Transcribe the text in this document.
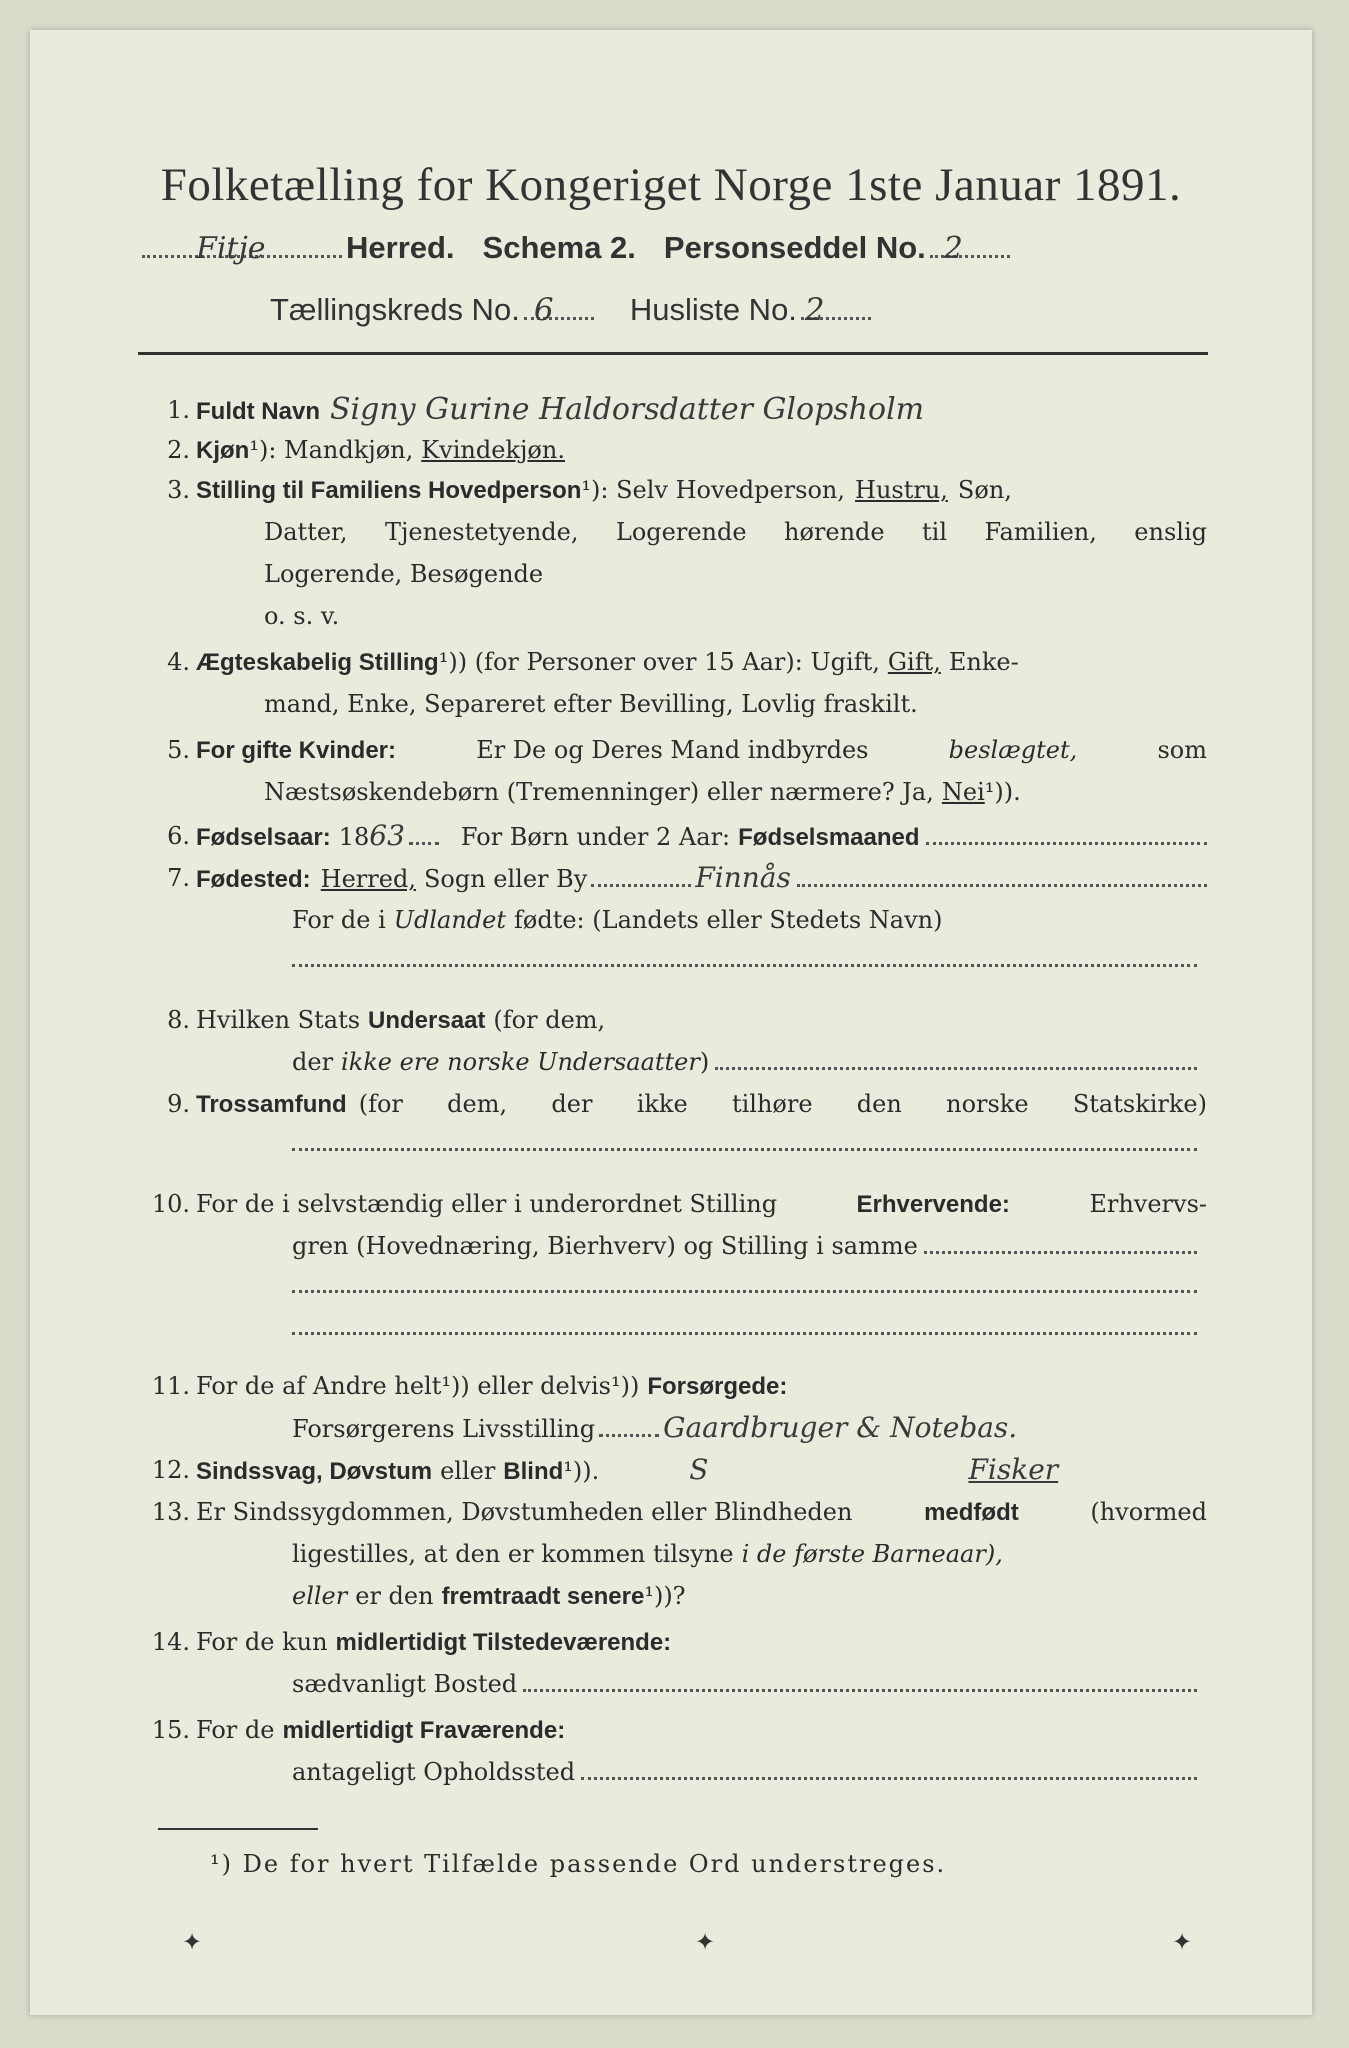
Folketælling for Kongeriget Norge 1ste Januar 1891.
Fitje	Herred. Schema 2. Personseddel No. 2
Tællingskreds No. 6	Husliste No. 2
1. Fuldt Navn Signy Gurine Haldorsdatter Glopsholm
2. Kjøn ¹) : Mandkjøn, Kvindekjøn.
3. Stilling til Familiens Hovedperson ¹) : Selv Hovedperson, Hustru, Søn,
Datter, Tjenestetyende, Logerende hørende til Familien, enslig
Logerende, Besøgende
o. s. v.
4. Ægteskabelig Stilling ¹) ) (for Personer over 15 Aar): Ugift, Gift, Enke-
mand, Enke, Separeret efter Bevilling, Lovlig fraskilt.
5. For gifte Kvinder:	Er De og Deres Mand indbyrdes	beslægtet,	som
Næstsøskendebørn (Tremenninger) eller nærmere? Ja, Nei ¹) ).
6. Fødselsaar: 18 63 For Børn under 2 Aar: Fødselsmaaned
7. Fødested: Herred, Sogn eller By	Finnås
For de i Udlandet fødte: (Landets eller Stedets Navn)
8. Hvilken Stats Undersaat (for dem,
der ikke ere norske Undersaatter )
9. Trossamfund (for dem, der ikke tilhøre den norske Statskirke)
10. For de i selvstændig eller i underordnet Stilling	Erhvervende:	Erhvervs-
gren (Hovednæring, Bierhverv) og Stilling i samme
11. For de af Andre helt ¹) ) eller delvis ¹) ) Forsørgede:
Forsørgerens Livsstilling Gaardbruger & Notebas.
12. Sindssvag, Døvstum eller Blind ¹) ).	S	Fisker
13. Er Sindssygdommen, Døvstumheden eller Blindheden	medfødt	(hvormed
ligestilles, at den er kommen tilsyne i de første Barneaar),
eller er den fremtraadt senere ¹) )?
14. For de kun midlertidigt Tilstedeværende:
sædvanligt Bosted
15. For de midlertidigt Fraværende:
antageligt Opholdssted
¹) De for hvert Tilfælde passende Ord understreges.
✦	✦	✦
